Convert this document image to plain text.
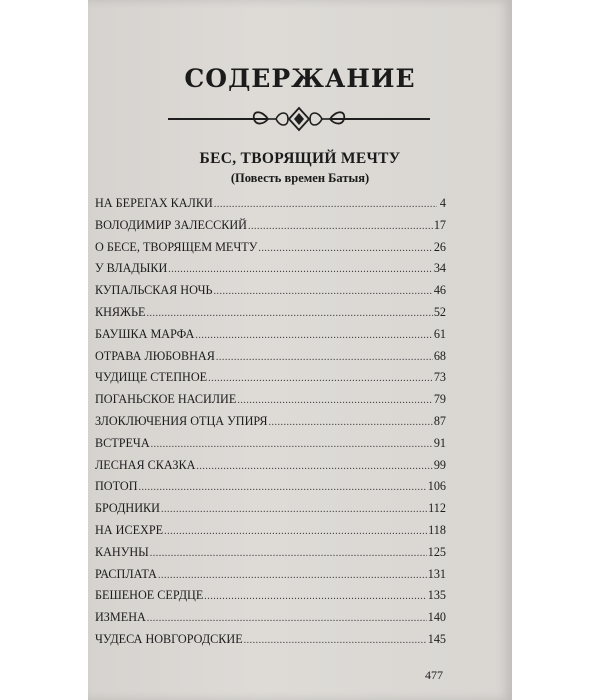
СОДЕРЖАНИЕ
БЕС, ТВОРЯЩИЙ МЕЧТУ
(Повесть времен Батыя)
НА БЕРЕГАХ КАЛКИ .....	4
ВОЛОДИМИР ЗАЛЕССКИЙ .....	17
О БЕСЕ, ТВОРЯЩЕМ МЕЧТУ .....	26
У ВЛАДЫКИ .....	34
КУПАЛЬСКАЯ НОЧЬ .....	46
КНЯЖЬЕ .....	52
БАУШКА МАРФА .....	61
ОТРАВА ЛЮБОВНАЯ .....	68
ЧУДИЩЕ СТЕПНОЕ .....	73
ПОГАНЬСКОЕ НАСИЛИЕ .....	79
ЗЛОКЛЮЧЕНИЯ ОТЦА УПИРЯ .....	87
ВСТРЕЧА .....	91
ЛЕСНАЯ СКАЗКА .....	99
ПОТОП .....	106
БРОДНИКИ .....	112
НА ИСЕХРЕ .....	118
КАНУНЫ .....	125
РАСПЛАТА .....	131
БЕШЕНОЕ СЕРДЦЕ .....	135
ИЗМЕНА .....	140
ЧУДЕСА НОВГОРОДСКИЕ .....	145
477
